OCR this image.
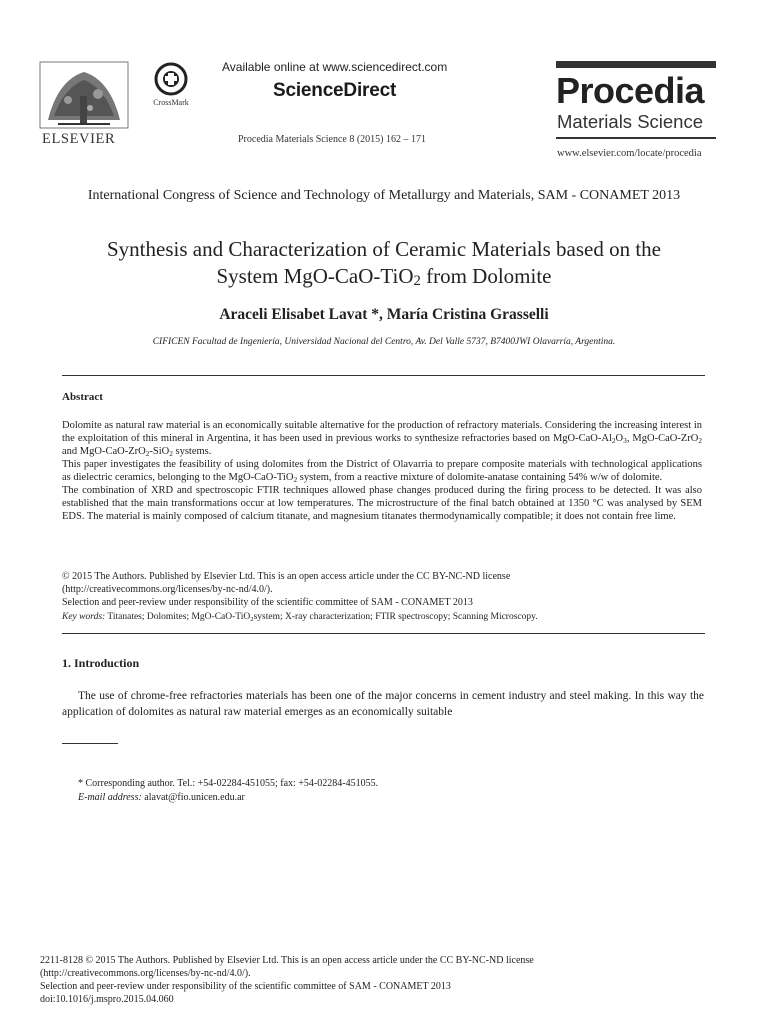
ELSEVIER
CrossMark
Available online at www.sciencedirect.com
ScienceDirect
Procedia Materials Science 8 (2015) 162 – 171
Procedia
Materials Science
www.elsevier.com/locate/procedia
International Congress of Science and Technology of Metallurgy and Materials, SAM - CONAMET 2013
Synthesis and Characterization of Ceramic Materials based on the
System MgO-CaO-TiO$_2$ from Dolomite
Araceli Elisabet Lavat *, María Cristina Grasselli
CIFICEN Facultad de Ingeniería, Universidad Nacional del Centro, Av. Del Valle 5737, B7400JWI Olavarría, Argentina.
Abstract

Dolomite as natural raw material is an economically suitable alternative for the production of refractory materials. Considering the increasing interest in the exploitation of this mineral in Argentina, it has been used in previous works to synthesize refractories based on MgO-$CaO-Al_2O_3$, MgO-CaO-ZrO$_2$ and MgO-CaO-ZrO$_2$-SiO$_2$ systems.

This paper investigates the feasibility of using dolomites from the District of Olavarria to prepare composite materials with technological applications as dielectric ceramics, belonging to the MgO-CaO-TiO$_2$ system, from a reactive mixture of dolomite-anatase containing 54% w/w of dolomite.

The combination of XRD and spectroscopic FTIR techniques allowed phase changes produced during the firing process to be detected. It was also established that the main transformations occur at low temperatures. The microstructure of the final batch obtained at 1350 °C was analysed by SEM EDS. The material is mainly composed of calcium titanate, and magnesium titanates thermodynamically compatible; it does not contain free lime.

© 2015 The Authors. Published by Elsevier Ltd. This is an open access article under the CC BY-NC-ND license

(http://creativecommons.org/licenses/by-nc-nd/4.0/).

Selection and peer-review under responsibility of the scientific committee of SAM - CONAMET 2013

Key words: Titanates; Dolomites; MgO-CaO-TiO$_2$system; X-ray characterization; FTIR spectroscopy; Scanning Microscopy.
1. Introduction
The use of chrome-free refractories materials has been one of the major concerns in cement industry and steel making. In this way the application of dolomites as natural raw material emerges as an economically suitable

* Corresponding author. Tel.: +54-02284-451055; fax: +54-02284-451055.

E-mail address: alavat@fio.unicen.edu.ar

2211-8128 © 2015 The Authors. Published by Elsevier Ltd. This is an open access article under the CC BY-NC-ND license

(http://creativecommons.org/licenses/by-nc-nd/4.0/).

Selection and peer-review under responsibility of the scientific committee of SAM - CONAMET 2013

doi:10.1016/j.mspro.2015.04.060
